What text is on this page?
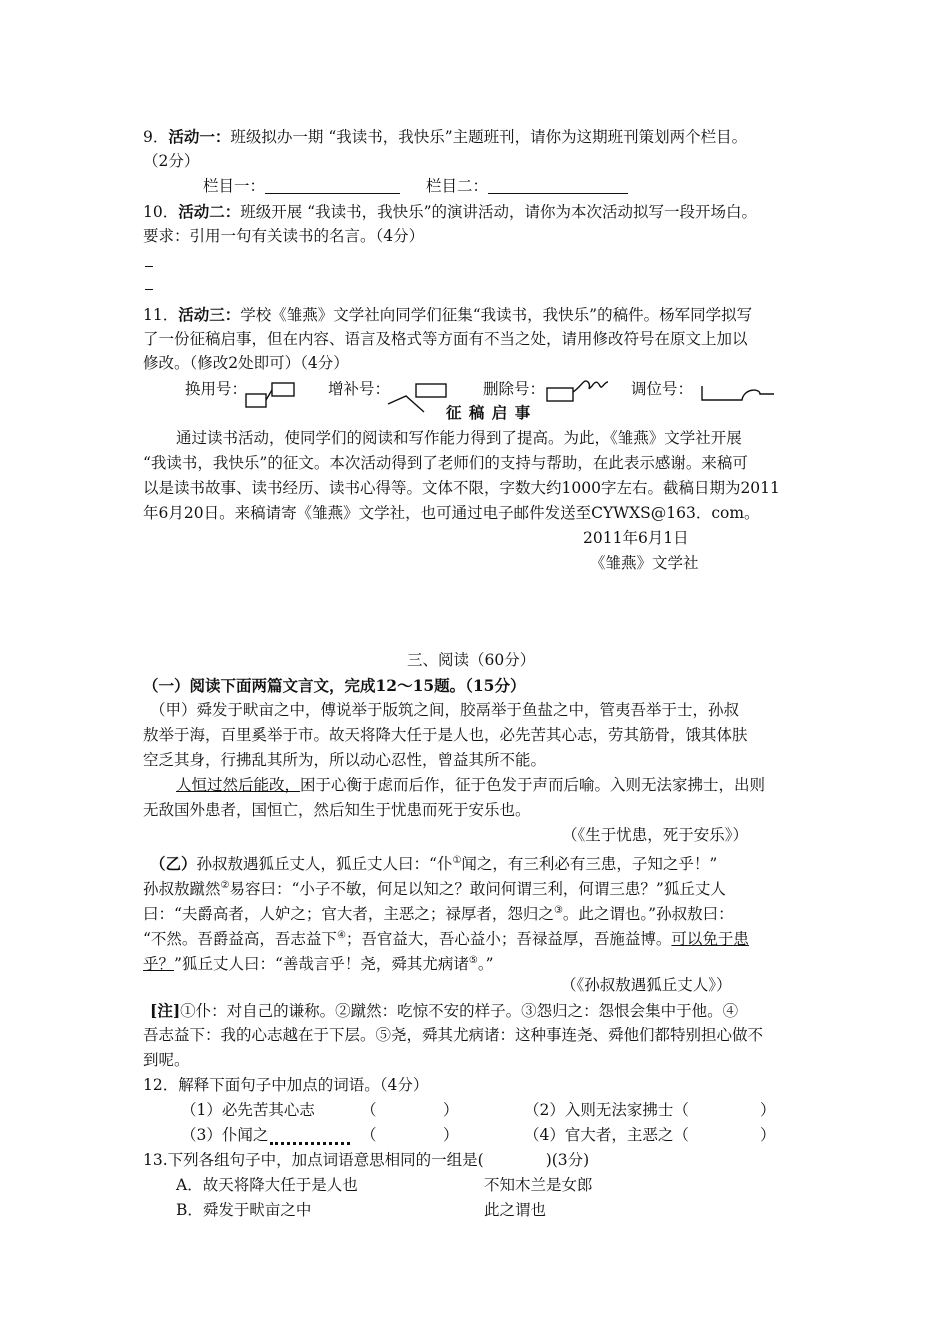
9．活动一：班级拟办一期 “我读书，我快乐”主题班刊，请你为这期班刊策划两个栏目。
（2分）
栏目一：	栏目二：
10．活动二：班级开展 “我读书，我快乐”的演讲活动，请你为本次活动拟写一段开场白。
要求：引用一句有关读书的名言。（4分）
11．活动三：学校《雏燕》文学社向同学们征集“我读书，我快乐”的稿件。杨军同学拟写
了一份征稿启事，但在内容、语言及格式等方面有不当之处，请用修改符号在原文上加以
修改。（修改2处即可）（4分）
换用号：	增补号：	删除号：	调位号：
征 稿 启 事
通过读书活动，使同学们的阅读和写作能力得到了提高。为此，《雏燕》文学社开展
“我读书，我快乐”的征文。本次活动得到了老师们的支持与帮助，在此表示感谢。来稿可
以是读书故事、读书经历、读书心得等。文体不限，字数大约1000字左右。截稿日期为2011
年6月20日。来稿请寄《雏燕》文学社，也可通过电子邮件发送至CYWXS@163．com。
2011年6月1日
《雏燕》文学社
三、阅读（60分）
（一）阅读下面两篇文言文，完成12～15题。（15分）
（甲）舜发于畎亩之中，傅说举于版筑之间，胶鬲举于鱼盐之中，管夷吾举于士，孙叔
敖举于海，百里奚举于市。故天将降大任于是人也，必先苦其心志，劳其筋骨，饿其体肤
空乏其身，行拂乱其所为，所以动心忍性，曾益其所不能。
人恒过然后能改，困于心衡于虑而后作，征于色发于声而后喻。入则无法家拂士，出则
无敌国外患者，国恒亡，然后知生于忧患而死于安乐也。
（《生于忧患，死于安乐》）
（乙）孙叔敖遇狐丘丈人，狐丘丈人曰：“仆①闻之，有三利必有三患，子知之乎！”
孙叔敖蹴然②易容曰：“小子不敏，何足以知之？敢问何谓三利，何谓三患？”狐丘丈人
曰：“夫爵高者，人妒之；官大者，主恶之；禄厚者，怨归之③。此之谓也。”孙叔敖曰：
“不然。吾爵益高，吾志益下④；吾官益大，吾心益小；吾禄益厚，吾施益博。可以免于患
乎？”狐丘丈人曰：“善哉言乎！尧，舜其尤病诸⑤。”
（《孙叔敖遇狐丘丈人》）
[注]①仆：对自己的谦称。②蹴然：吃惊不安的样子。③怨归之：怨恨会集中于他。④
吾志益下：我的心志越在于下层。⑤尧，舜其尤病诸：这种事连尧、舜他们都特别担心做不
到呢。
12．解释下面句子中加点的词语。（4分）
（1）必先苦其心志	（	）	（2）入则无法家拂士（	）
（3）仆闻之	（	）	（4）官大者，主恶之（	）
13.下列各组句子中，加点词语意思相同的一组是(　　　　)(3分)
A．故天将降大任于是人也	不知木兰是女郎
B．舜发于畎亩之中	此之谓也
